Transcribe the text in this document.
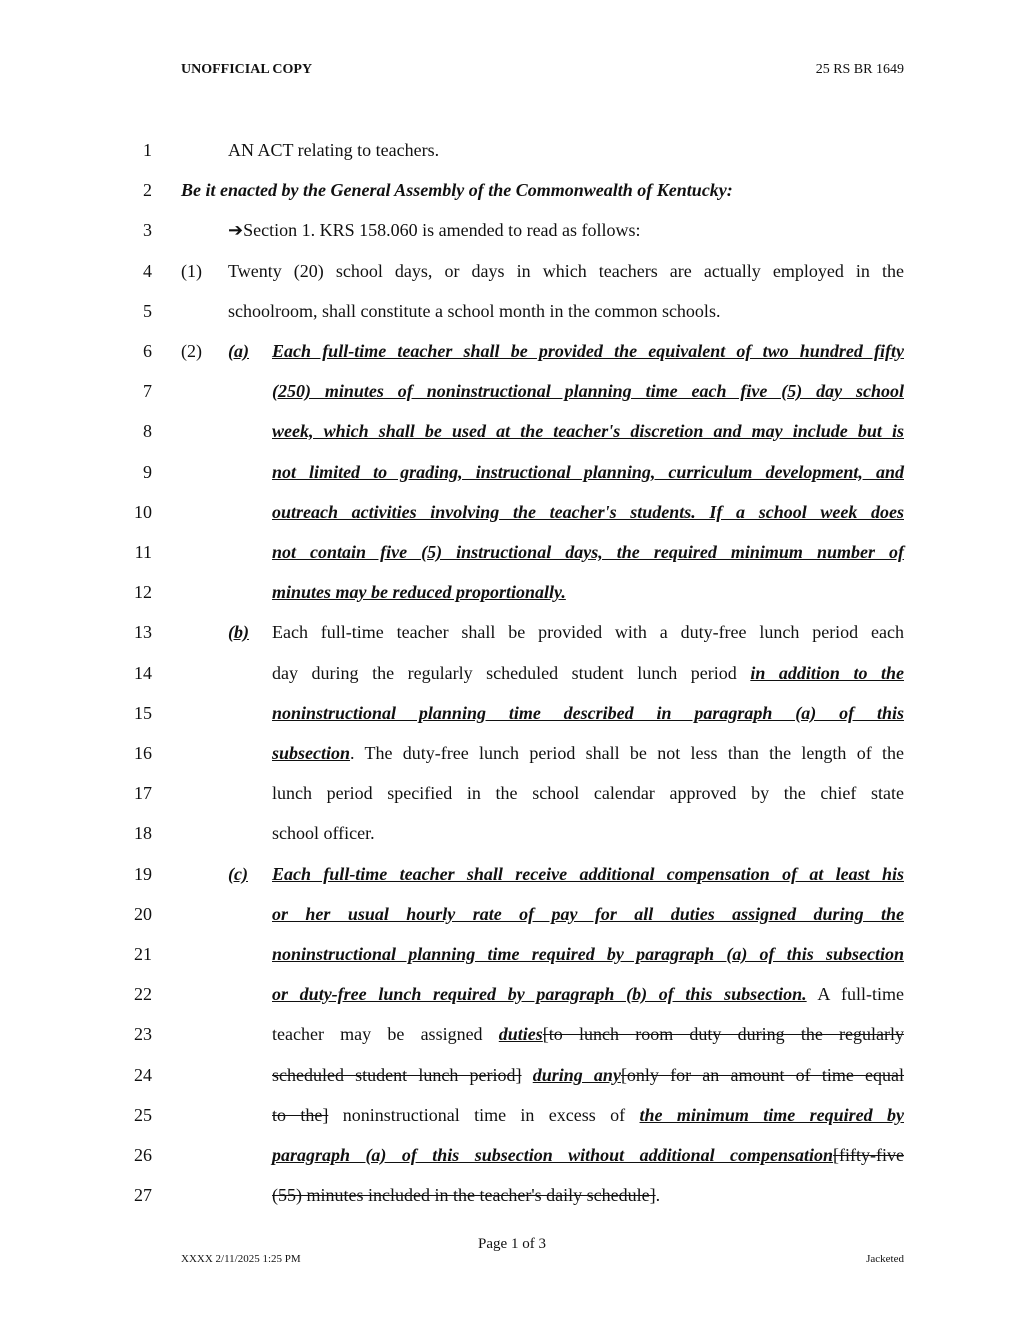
UNOFFICIAL COPY	25 RS BR 1649
1	AN ACT relating to teachers.
2 Be it enacted by the General Assembly of the Commonwealth of Kentucky:
3	➔Section 1. KRS 158.060 is amended to read as follows:
4 (1) Twenty (20) school days, or days in which teachers are actually employed in the
5	schoolroom, shall constitute a school month in the common schools.
6 (2) (a) Each full-time teacher shall be provided the equivalent of two hundred fifty
7	(250) minutes of noninstructional planning time each five (5) day school
8	week, which shall be used at the teacher's discretion and may include but is
9	not limited to grading, instructional planning, curriculum development, and
10	outreach activities involving the teacher's students. If a school week does
11	not contain five (5) instructional days, the required minimum number of
12	minutes may be reduced proportionally.
13	(b) Each full-time teacher shall be provided with a duty-free lunch period each
14	day during the regularly scheduled student lunch period in addition to the
15	noninstructional planning time described in paragraph (a) of this
16	subsection. The duty-free lunch period shall be not less than the length of the
17	lunch period specified in the school calendar approved by the chief state
18	school officer.
19	(c) Each full-time teacher shall receive additional compensation of at least his
20	or her usual hourly rate of pay for all duties assigned during the
21	noninstructional planning time required by paragraph (a) of this subsection
22	or duty-free lunch required by paragraph (b) of this subsection. A full-time
23	teacher may be assigned duties[to lunch room duty during the regularly
24	scheduled student lunch period] during any[only for an amount of time equal
25	to the] noninstructional time in excess of the minimum time required by
26	paragraph (a) of this subsection without additional compensation[fifty-five
27	(55) minutes included in the teacher's daily schedule].
Page 1 of 3
XXXX 2/11/2025 1:25 PM	Jacketed
